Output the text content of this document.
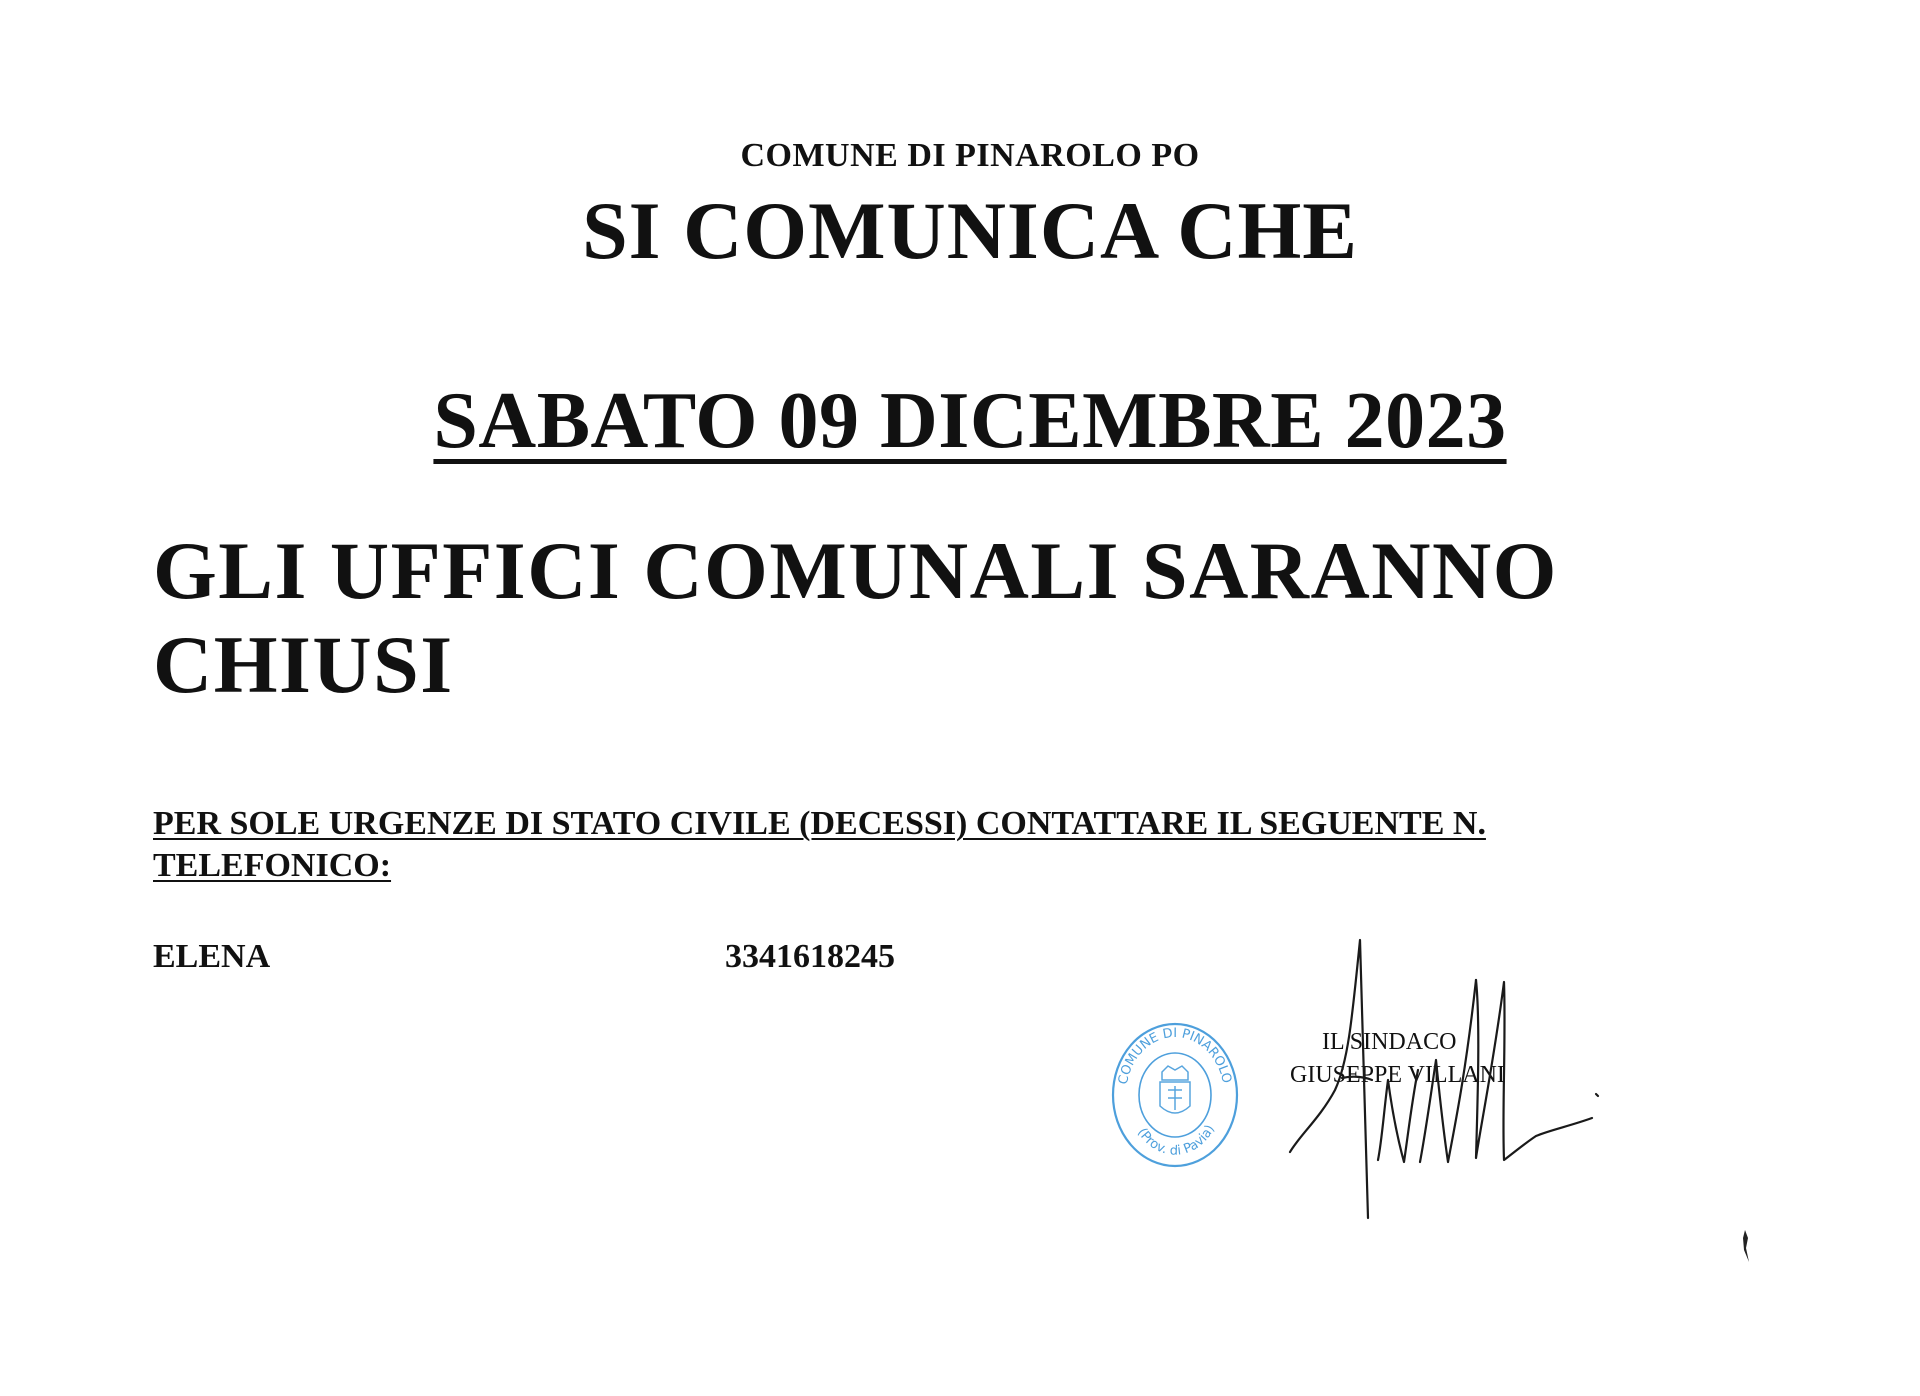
COMUNE DI PINAROLO PO

SI COMUNICA CHE

SABATO 09 DICEMBRE 2023

GLI UFFICI COMUNALI SARANNO CHIUSI

PER SOLE URGENZE DI STATO CIVILE (DECESSI) CONTATTARE IL SEGUENTE N. TELEFONICO:

ELENA	3341618245

COMUNE DI PINAROLO
(Prov. di Pavia)

IL SINDACO

GIUSEPPE VILLANI
